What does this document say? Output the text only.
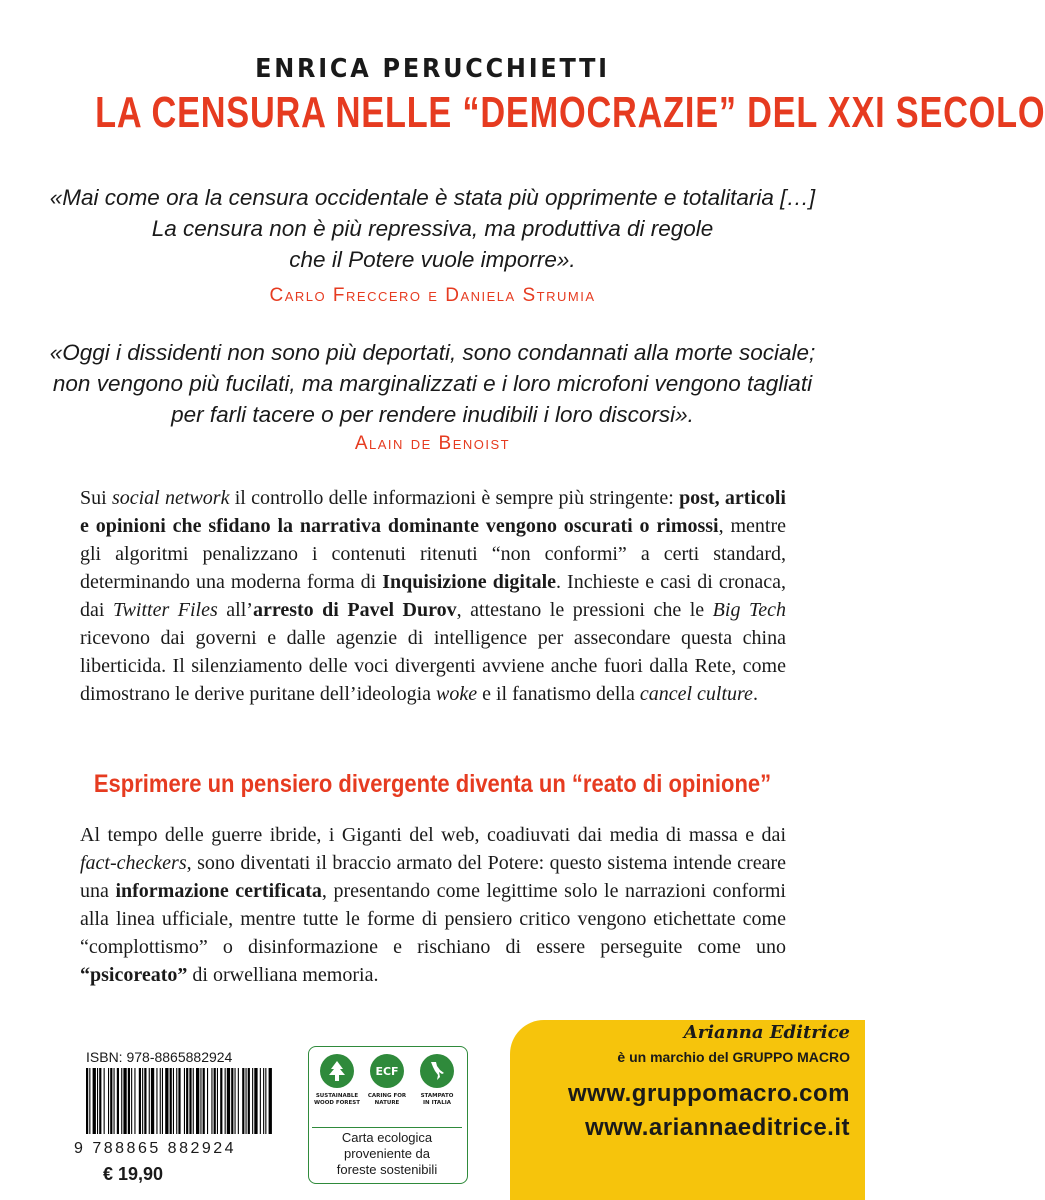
ENRICA PERUCCHIETTI
LA CENSURA NELLE “DEMOCRAZIE” DEL XXI SECOLO
«Mai come ora la censura occidentale è stata più opprimente e totalitaria […]
La censura non è più repressiva, ma produttiva di regole
che il Potere vuole imporre».
Carlo Freccero e Daniela Strumia
«Oggi i dissidenti non sono più deportati, sono condannati alla morte sociale;
non vengono più fucilati, ma marginalizzati e i loro microfoni vengono tagliati
per farli tacere o per rendere inudibili i loro discorsi».
Alain de Benoist

Sui social network il controllo delle informazioni è sempre più stringente: post, articoli e opinioni che sfidano la narrativa dominante vengono oscurati o rimossi, mentre gli algoritmi penalizzano i contenuti ritenuti “non conformi” a certi standard, determinando una moderna forma di Inquisizione digitale. Inchieste e casi di cronaca, dai Twitter Files all’arresto di Pavel Durov, attestano le pressioni che le Big Tech ricevono dai governi e dalle agenzie di intelligence per assecondare questa china liberticida. Il silenziamento delle voci divergenti avviene anche fuori dalla Rete, come dimostrano le derive puritane dell’ideologia woke e il fanatismo della cancel culture.

Esprimere un pensiero divergente diventa un “reato di opinione”

Al tempo delle guerre ibride, i Giganti del web, coadiuvati dai media di massa e dai fact-checkers, sono diventati il braccio armato del Potere: questo sistema intende creare una informazione certificata, presentando come legittime solo le narrazioni conformi alla linea ufficiale, mentre tutte le forme di pensiero critico vengono etichettate come “complottismo” o disinformazione e rischiano di essere perseguite come uno “psicoreato” di orwelliana memoria.

ISBN: 978-8865882924
9 788865 882924
€ 19,90
ECF
SUSTAINABLE
WOOD FOREST
CARING FOR
NATURE
STAMPATO
IN ITALIA
Carta ecologica
proveniente da
foreste sostenibili
Arianna Editrice
è un marchio del GRUPPO MACRO
www.gruppomacro.com
www.ariannaeditrice.it
